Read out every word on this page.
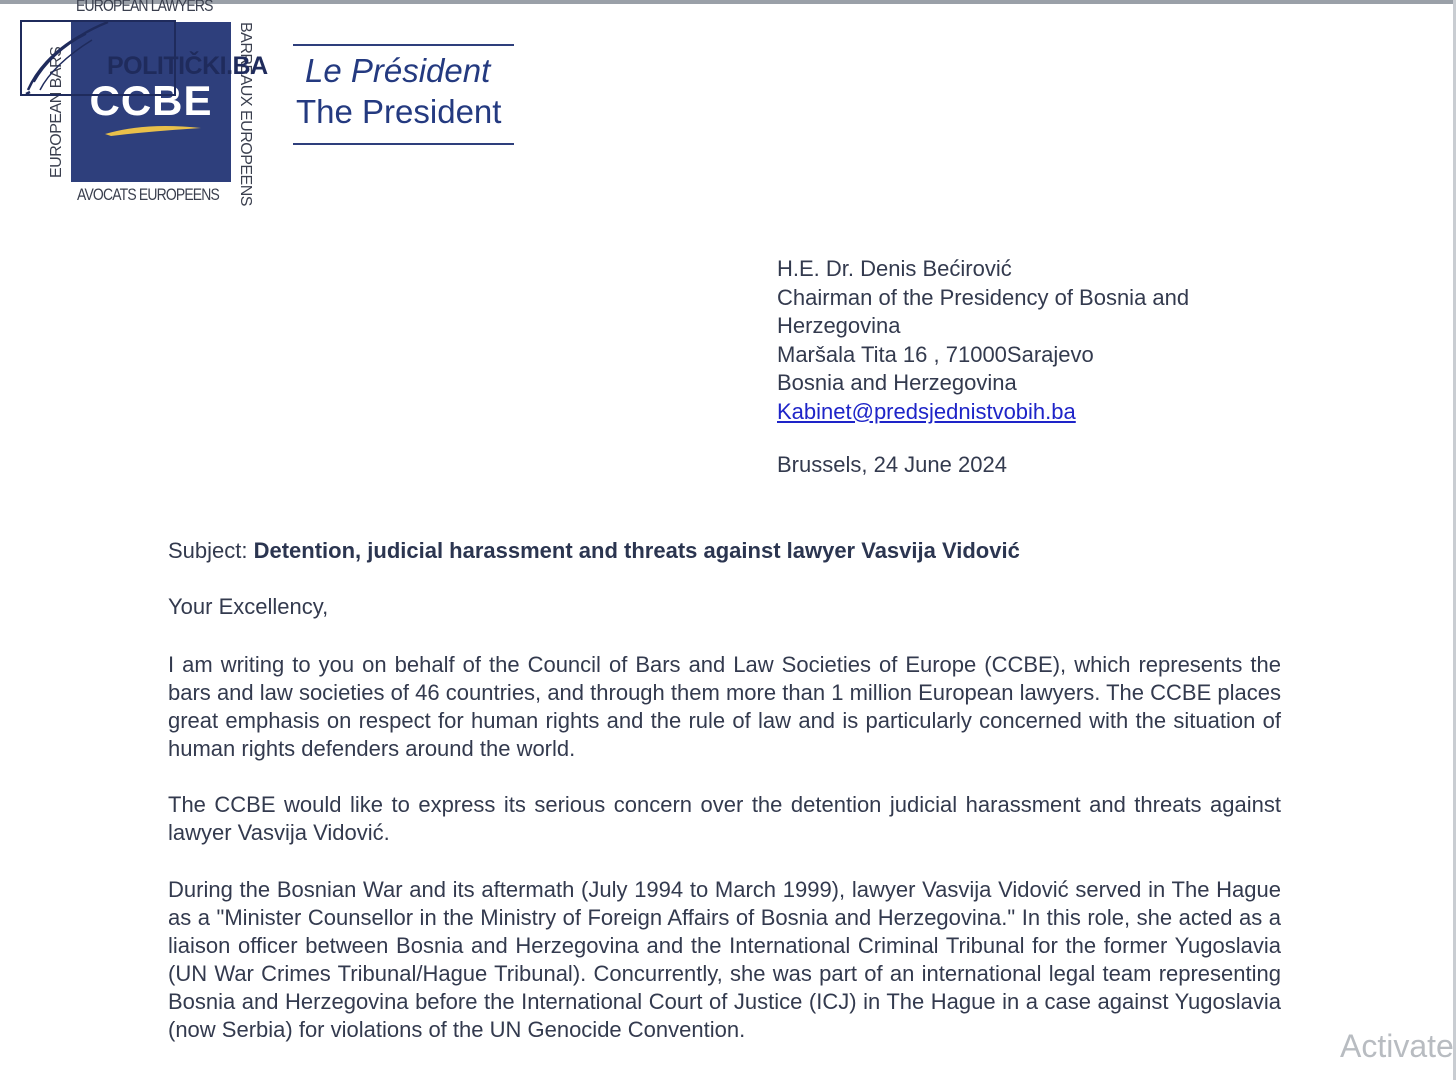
EUROPEAN LAWYERS
EUROPEAN BARS	BARREAUX EUROPEENS
CCBE
AVOCATS EUROPEENS
POLITIČKI.BA Le Président
The President
H.E. Dr. Denis Bećirović
Chairman of the Presidency of Bosnia and
Herzegovina
Maršala Tita 16 , 71000Sarajevo
Bosnia and Herzegovina
Kabinet@predsjednistvobih.ba
Brussels, 24 June 2024
Subject: Detention, judicial harassment and threats against lawyer Vasvija Vidović
Your Excellency,
I am writing to you on behalf of the Council of Bars and Law Societies of Europe (CCBE), which represents the bars and law societies of 46 countries, and through them more than 1 million European lawyers. The CCBE places great emphasis on respect for human rights and the rule of law and is particularly concerned with the situation of human rights defenders around the world.
The CCBE would like to express its serious concern over the detention judicial harassment and threats against lawyer Vasvija Vidović.
During the Bosnian War and its aftermath (July 1994 to March 1999), lawyer Vasvija Vidović served in The Hague as a "Minister Counsellor in the Ministry of Foreign Affairs of Bosnia and Herzegovina." In this role, she acted as a liaison officer between Bosnia and Herzegovina and the International Criminal Tribunal for the former Yugoslavia (UN War Crimes Tribunal/Hague Tribunal). Concurrently, she was part of an international legal team representing Bosnia and Herzegovina before the International Court of Justice (ICJ) in The Hague in a case against Yugoslavia (now Serbia) for violations of the UN Genocide Convention.	Activate
